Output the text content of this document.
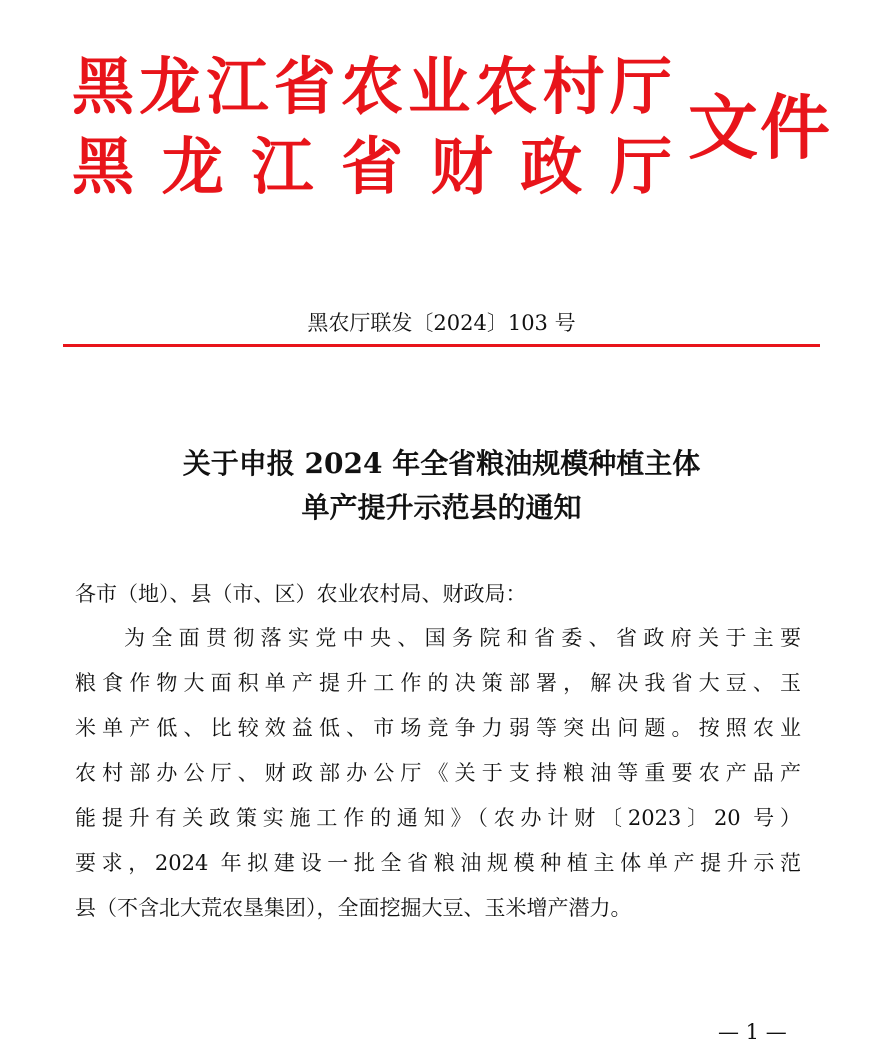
黑 龙 江 省 农 业 农 村 厅
黑 龙 江 省 财 政 厅 文件
黑农厅联发〔2024〕103 号
关于申报 2024 年全省粮油规模种植主体
单产提升示范县的通知
各市（地）、县（市、区）农业农村局、财政局：
为全面贯彻落实党中央、国务院和省委、省政府关于主要
粮食作物大面积单产提升工作的决策部署，解决我省大豆、玉
米单产低、比较效益低、市场竞争力弱等突出问题。按照农业
农村部办公厅、财政部办公厅《关于支持粮油等重要农产品产
能提升有关政策实施工作的通知》（农办计财〔2023〕20 号）
要求，2024 年拟建设一批全省粮油规模种植主体单产提升示范
县（不含北大荒农垦集团），全面挖掘大豆、玉米增产潜力。
— 1 —
